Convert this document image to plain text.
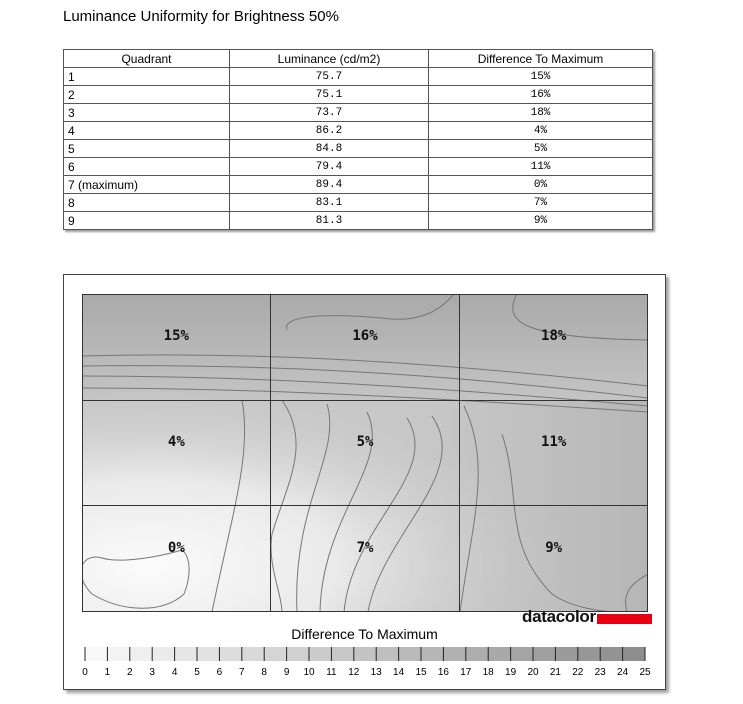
Luminance Uniformity for Brightness 50%
Quadrant	Luminance (cd/m2)	Difference To Maximum
1	75.7	15%
2	75.1	16%
3	73.7	18%
4	86.2	4%
5	84.8	5%
6	79.4	11%
7 (maximum)	89.4	0%
8	83.1	7%
9	81.3	9%
15%	16%	18%
4%	5%	11%
0%	7%	9%
datacolor
Difference To Maximum
0 1 2 3 4 5 6 7 8 9 10 11 12 13 14 15 16 17 18 19 20 21 22 23 24 25
